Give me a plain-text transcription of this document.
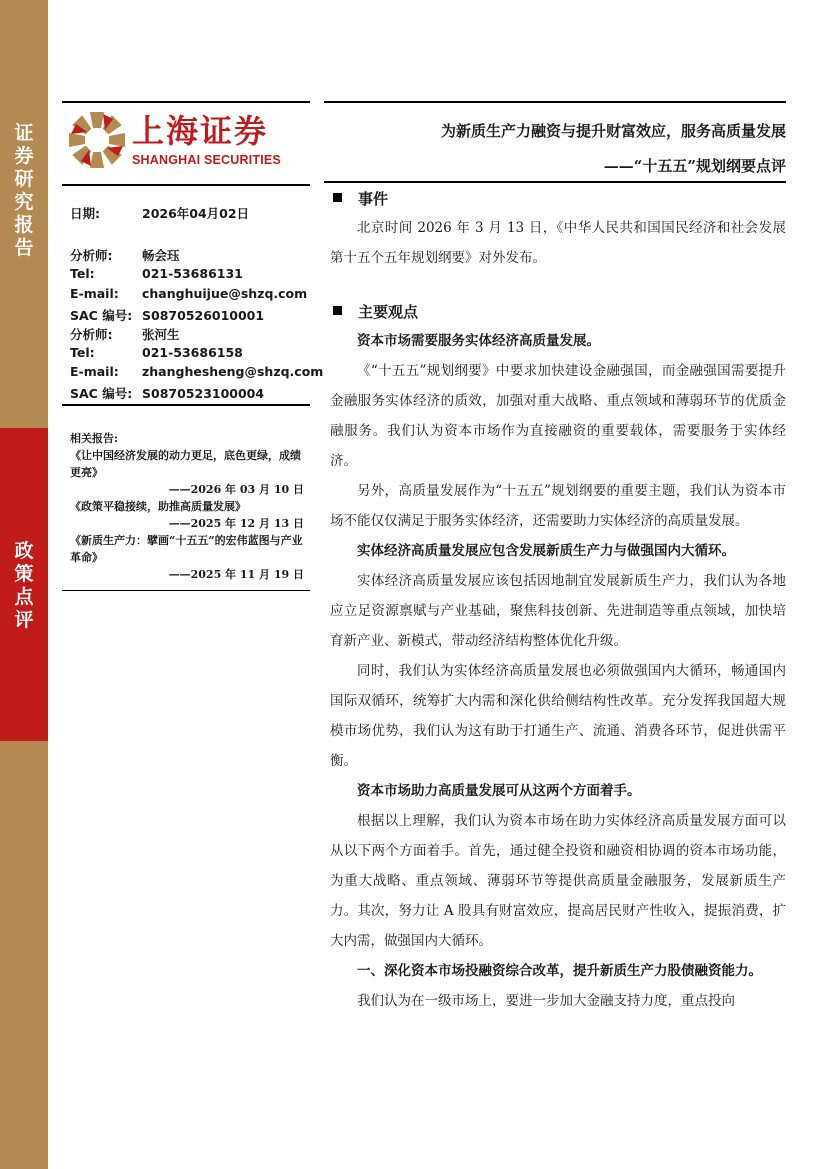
证
券
研
究
报
告
政
策
点
评
上海证券
SHANGHAI SECURITIES
为新质生产力融资与提升财富效应，服务高质量发展
——“十五五”规划纲要点评
日期:	2026年04月02日
分析师: 畅会珏
Tel:	021-53686131
E-mail: changhuijue@shzq.com
SAC 编号: S0870526010001
分析师: 张河生
Tel:	021-53686158
E-mail: zhanghesheng@shzq.com
SAC 编号: S0870523100004
相关报告:
《让中国经济发展的动力更足，底色更绿，成绩更亮》
——2026 年 03 月 10 日
《政策平稳接续，助推高质量发展》
——2025 年 12 月 13 日
《新质生产力：擘画“十五五”的宏伟蓝图与产业革命》
——2025 年 11 月 19 日
事件

北京时间 2026 年 3 月 13 日，《中华人民共和国国民经济和社会发展第十五个五年规划纲要》对外发布。

主要观点

资本市场需要服务实体经济高质量发展。

《“十五五”规划纲要》中要求加快建设金融强国，而金融强国需要提升金融服务实体经济的质效，加强对重大战略、重点领域和薄弱环节的优质金融服务。我们认为资本市场作为直接融资的重要载体，需要服务于实体经济。

另外，高质量发展作为“十五五”规划纲要的重要主题，我们认为资本市场不能仅仅满足于服务实体经济，还需要助力实体经济的高质量发展。

实体经济高质量发展应包含发展新质生产力与做强国内大循环。

实体经济高质量发展应该包括因地制宜发展新质生产力，我们认为各地应立足资源禀赋与产业基础，聚焦科技创新、先进制造等重点领域，加快培育新产业、新模式，带动经济结构整体优化升级。

同时，我们认为实体经济高质量发展也必须做强国内大循环，畅通国内国际双循环，统筹扩大内需和深化供给侧结构性改革。充分发挥我国超大规模市场优势，我们认为这有助于打通生产、流通、消费各环节，促进供需平衡。

资本市场助力高质量发展可从这两个方面着手。

根据以上理解，我们认为资本市场在助力实体经济高质量发展方面可以从以下两个方面着手。首先，通过健全投资和融资相协调的资本市场功能，为重大战略、重点领域、薄弱环节等提供高质量金融服务，发展新质生产力。其次，努力让 A 股具有财富效应，提高居民财产性收入，提振消费，扩大内需，做强国内大循环。

一、深化资本市场投融资综合改革，提升新质生产力股债融资能力。

我们认为在一级市场上，要进一步加大金融支持力度，重点投向
